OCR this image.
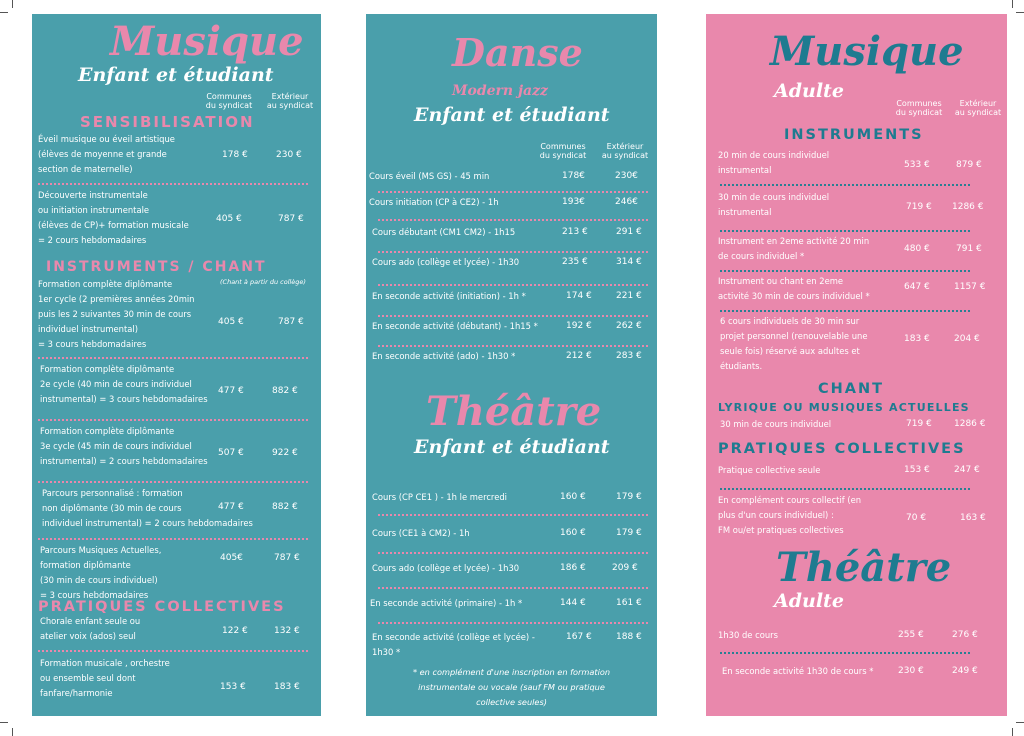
Musique
Enfant et étudiant
Communes
du syndicat
Extérieur
au syndicat
SENSIBILISATION
Éveil musique ou éveil artistique
(élèves de moyenne et grande
section de maternelle)
178 €	230 €
Découverte instrumentale
ou initiation instrumentale
(élèves de CP)+ formation musicale
= 2 cours hebdomadaires
405 €	787 €
INSTRUMENTS / CHANT
(Chant à partir du collège)
Formation complète diplômante
1er cycle (2 premières années 20min
puis les 2 suivantes 30 min de cours
individuel instrumental)
= 3 cours hebdomadaires
405 €	787 €
Formation complète diplômante
2e cycle (40 min de cours individuel
instrumental) = 3 cours hebdomadaires
477 €	882 €
Formation complète diplômante
3e cycle (45 min de cours individuel
instrumental) = 2 cours hebdomadaires
507 €	922 €
Parcours personnalisé : formation
non diplômante (30 min de cours
individuel instrumental) = 2 cours hebdomadaires
477 €	882 €
Parcours Musiques Actuelles,
formation diplômante
(30 min de cours individuel)
= 3 cours hebdomadaires
405€	787 €
PRATIQUES COLLECTIVES
Chorale enfant seule ou
atelier voix (ados) seul	122 €	132 €
Formation musicale , orchestre
ou ensemble seul dont
fanfare/harmonie
153 €	183 €
Danse
Modern jazz
Enfant et étudiant
Communes
du syndicat
Extérieur
au syndicat
Cours éveil (MS GS) - 45 min	178€	230€
Cours initiation (CP à CE2) - 1h	193€	246€
Cours débutant (CM1 CM2) - 1h15	213 €	291 €
Cours ado (collège et lycée) - 1h30	235 €	314 €
En seconde activité (initiation) - 1h *	174 €	221 €
En seconde activité (débutant) - 1h15 *	192 €	262 €
En seconde activité (ado) - 1h30 *	212 €	283 €
Théâtre
Enfant et étudiant
Cours (CP CE1 ) - 1h le mercredi	160 €	179 €
Cours (CE1 à CM2) - 1h	160 €	179 €
Cours ado (collège et lycée) - 1h30	186 €	209 €
En seconde activité (primaire) - 1h *	144 €	161 €
En seconde activité (collège et lycée) -
1h30 *
167 €	188 €
* en complément d'une inscription en formation
instrumentale ou vocale (sauf FM ou pratique
collective seules)
Musique
Adulte
Communes
du syndicat
Extérieur
au syndicat
INSTRUMENTS
20 min de cours individuel
instrumental	533 €	879 €
30 min de cours individuel
instrumental	719 € 1286 €
Instrument en 2eme activité 20 min
de cours individuel *
480 €	791 €
Instrument ou chant en 2eme
activité 30 min de cours individuel *
647 €	1157 €
6 cours individuels de 30 min sur
projet personnel (renouvelable une
seule fois) réservé aux adultes et
étudiants.
183 €	204 €
CHANT
LYRIQUE OU MUSIQUES ACTUELLES
30 min de cours individuel	719 € 1286 €
PRATIQUES COLLECTIVES
Pratique collective seule	153 €	247 €
En complément cours collectif (en
plus d'un cours individuel) :
FM ou/et pratiques collectives
70 €	163 €
Théâtre
Adulte
1h30 de cours	255 €	276 €
En seconde activité 1h30 de cours *	230 €	249 €
